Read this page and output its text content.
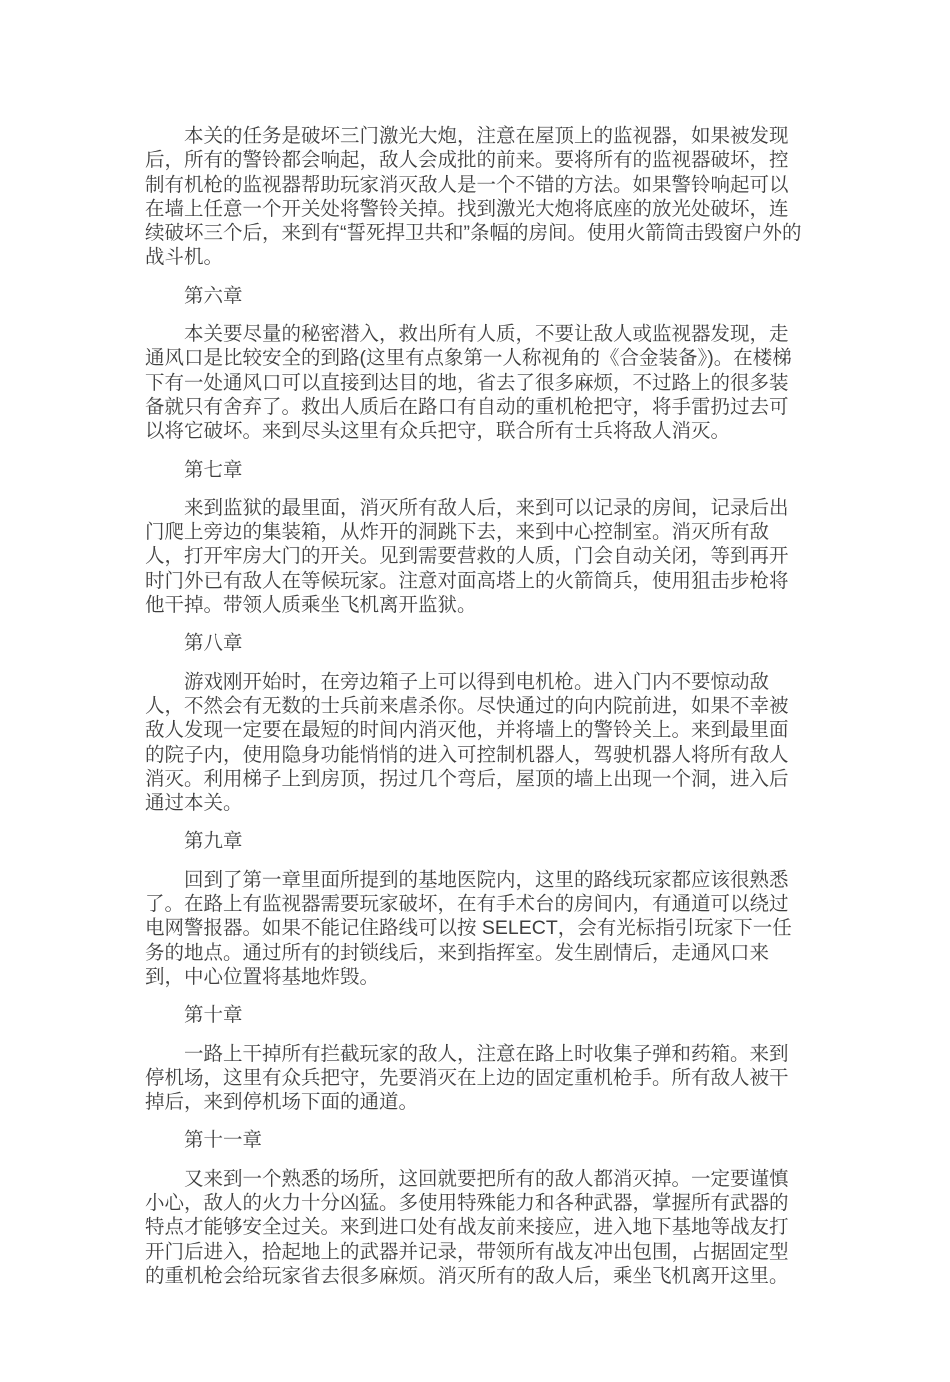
本关的任务是破坏三门激光大炮，注意在屋顶上的监视器，如果被发现后，所有的警铃都会响起，敌人会成批的前来。要将所有的监视器破坏，控制有机枪的监视器帮助玩家消灭敌人是一个不错的方法。如果警铃响起可以在墙上任意一个开关处将警铃关掉。找到激光大炮将底座的放光处破坏，连续破坏三个后，来到有“誓死捍卫共和”条幅的房间。使用火箭筒击毁窗户外的战斗机。

第六章

本关要尽量的秘密潜入，救出所有人质，不要让敌人或监视器发现，走通风口是比较安全的到路(这里有点象第一人称视角的《合金装备》)。在楼梯下有一处通风口可以直接到达目的地，省去了很多麻烦，不过路上的很多装备就只有舍弃了。救出人质后在路口有自动的重机枪把守，将手雷扔过去可以将它破坏。来到尽头这里有众兵把守，联合所有士兵将敌人消灭。

第七章

来到监狱的最里面，消灭所有敌人后，来到可以记录的房间，记录后出门爬上旁边的集装箱，从炸开的洞跳下去，来到中心控制室。消灭所有敌人，打开牢房大门的开关。见到需要营救的人质，门会自动关闭，等到再开时门外已有敌人在等候玩家。注意对面高塔上的火箭筒兵，使用狙击步枪将他干掉。带领人质乘坐飞机离开监狱。

第八章

游戏刚开始时，在旁边箱子上可以得到电机枪。进入门内不要惊动敌人，不然会有无数的士兵前来虐杀你。尽快通过的向内院前进，如果不幸被敌人发现一定要在最短的时间内消灭他，并将墙上的警铃关上。来到最里面的院子内，使用隐身功能悄悄的进入可控制机器人，驾驶机器人将所有敌人消灭。利用梯子上到房顶，拐过几个弯后，屋顶的墙上出现一个洞，进入后通过本关。

第九章

回到了第一章里面所提到的基地医院内，这里的路线玩家都应该很熟悉了。在路上有监视器需要玩家破坏，在有手术台的房间内，有通道可以绕过电网警报器。如果不能记住路线可以按 SELECT，会有光标指引玩家下一任务的地点。通过所有的封锁线后，来到指挥室。发生剧情后，走通风口来到，中心位置将基地炸毁。

第十章

一路上干掉所有拦截玩家的敌人，注意在路上时收集子弹和药箱。来到停机场，这里有众兵把守，先要消灭在上边的固定重机枪手。所有敌人被干掉后，来到停机场下面的通道。

第十一章

又来到一个熟悉的场所，这回就要把所有的敌人都消灭掉。一定要谨慎小心，敌人的火力十分凶猛。多使用特殊能力和各种武器，掌握所有武器的特点才能够安全过关。来到进口处有战友前来接应，进入地下基地等战友打开门后进入，拾起地上的武器并记录，带领所有战友冲出包围，占据固定型的重机枪会给玩家省去很多麻烦。消灭所有的敌人后，乘坐飞机离开这里。
